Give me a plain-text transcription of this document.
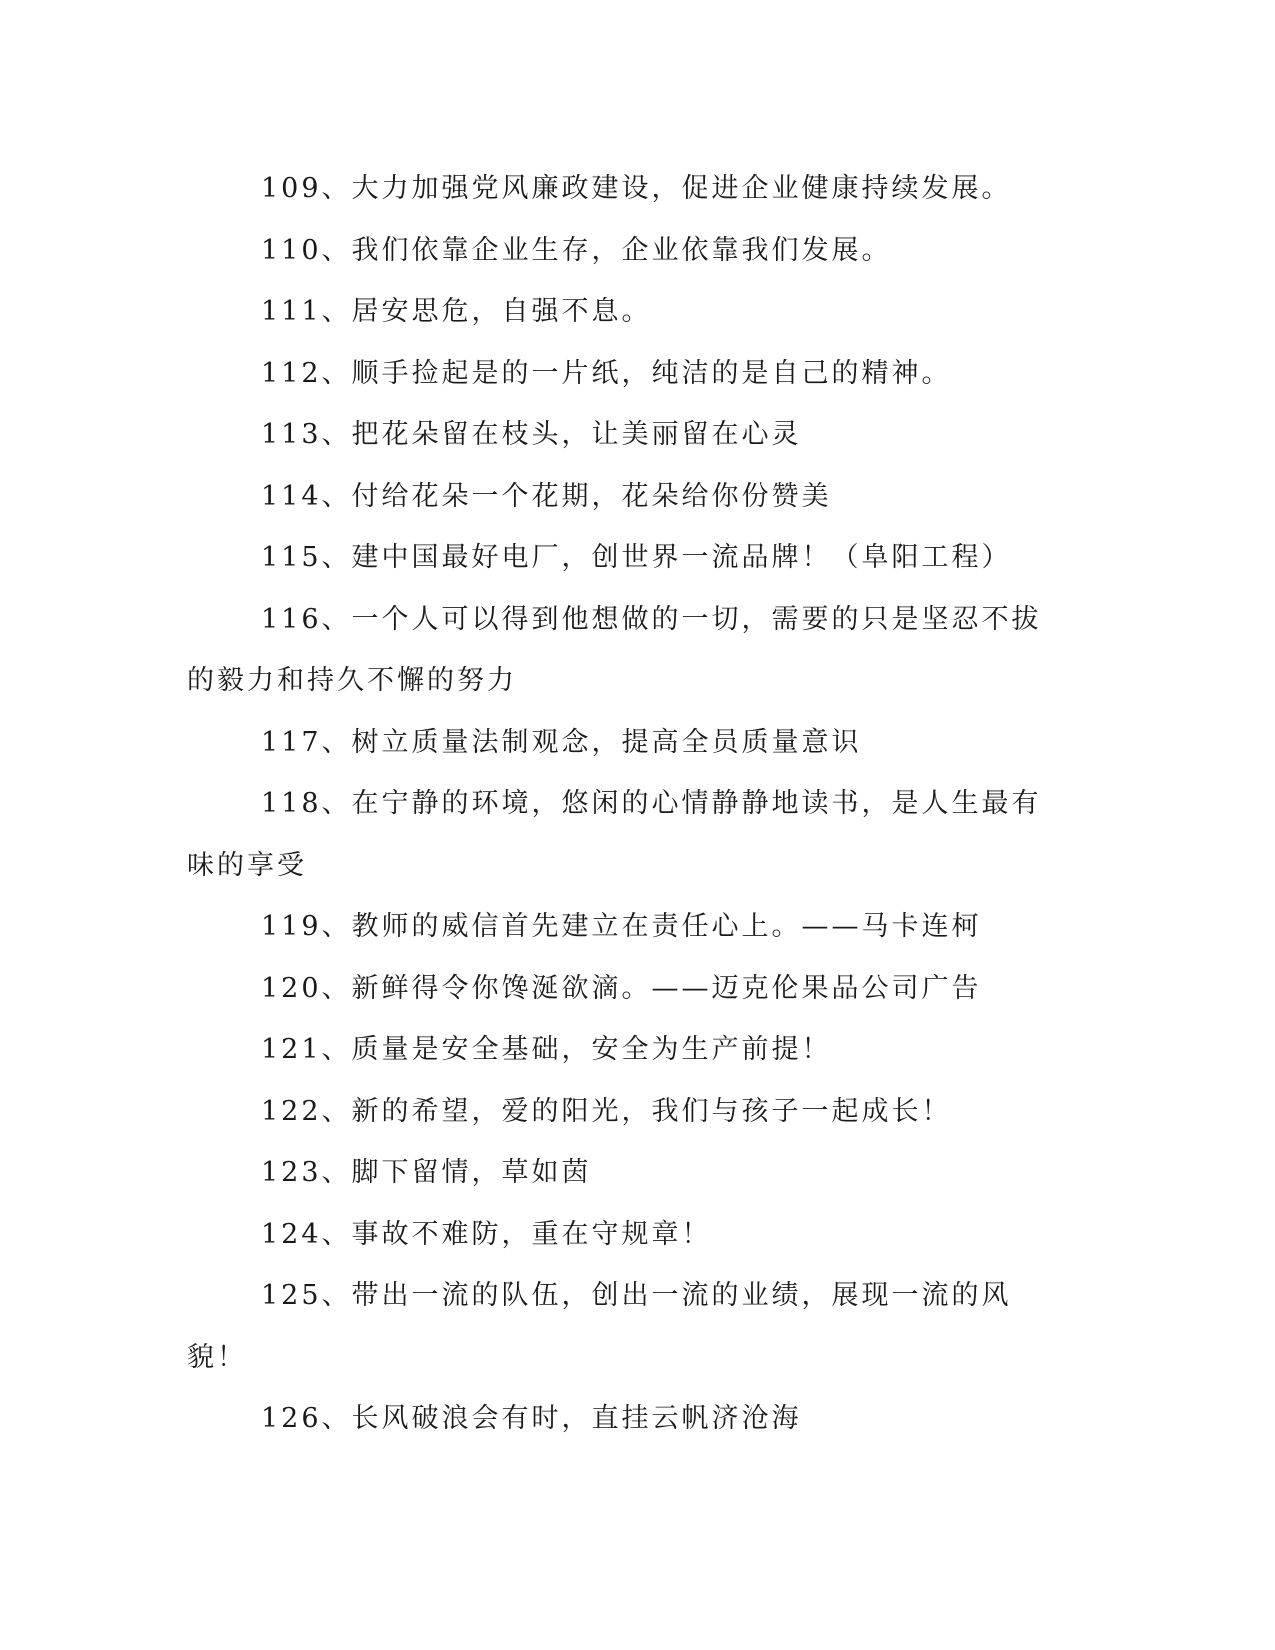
109、大力加强党风廉政建设，促进企业健康持续发展。

110、我们依靠企业生存，企业依靠我们发展。

111、居安思危，自强不息。

112、顺手捡起是的一片纸，纯洁的是自己的精神。

113、把花朵留在枝头，让美丽留在心灵

114、付给花朵一个花期，花朵给你份赞美

115、建中国最好电厂，创世界一流品牌！（阜阳工程）

116、一个人可以得到他想做的一切，需要的只是坚忍不拔的毅力和持久不懈的努力

117、树立质量法制观念，提高全员质量意识

118、在宁静的环境，悠闲的心情静静地读书，是人生最有味的享受

119、教师的威信首先建立在责任心上。——马卡连柯

120、新鲜得令你馋涎欲滴。——迈克伦果品公司广告

121、质量是安全基础，安全为生产前提！

122、新的希望，爱的阳光，我们与孩子一起成长！

123、脚下留情，草如茵

124、事故不难防，重在守规章！

125、带出一流的队伍，创出一流的业绩，展现一流的风貌！

126、长风破浪会有时，直挂云帆济沧海
